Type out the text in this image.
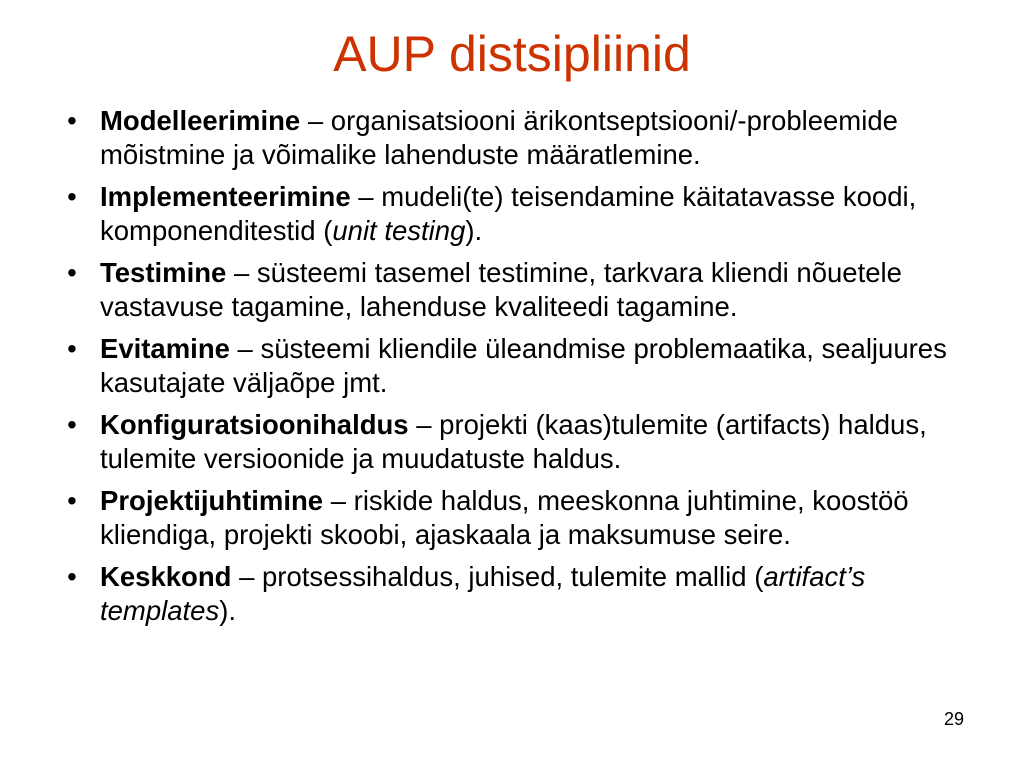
AUP distsipliinid
• Modelleerimine – organisatsiooni ärikontseptsiooni/-probleemide mõistmine ja võimalike lahenduste määratlemine.
• Implementeerimine – mudeli(te) teisendamine käitatavasse koodi, komponenditestid (unit testing).
• Testimine – süsteemi tasemel testimine, tarkvara kliendi nõuetele vastavuse tagamine, lahenduse kvaliteedi tagamine.
• Evitamine – süsteemi kliendile üleandmise problemaatika, sealjuures kasutajate väljaõpe jmt.
• Konfiguratsioonihaldus – projekti (kaas)tulemite (artifacts) haldus, tulemite versioonide ja muudatuste haldus.
• Projektijuhtimine – riskide haldus, meeskonna juhtimine, koostöö kliendiga, projekti skoobi, ajaskaala ja maksumuse seire.
• Keskkond – protsessihaldus, juhised, tulemite mallid (artifact’s templates).
29
